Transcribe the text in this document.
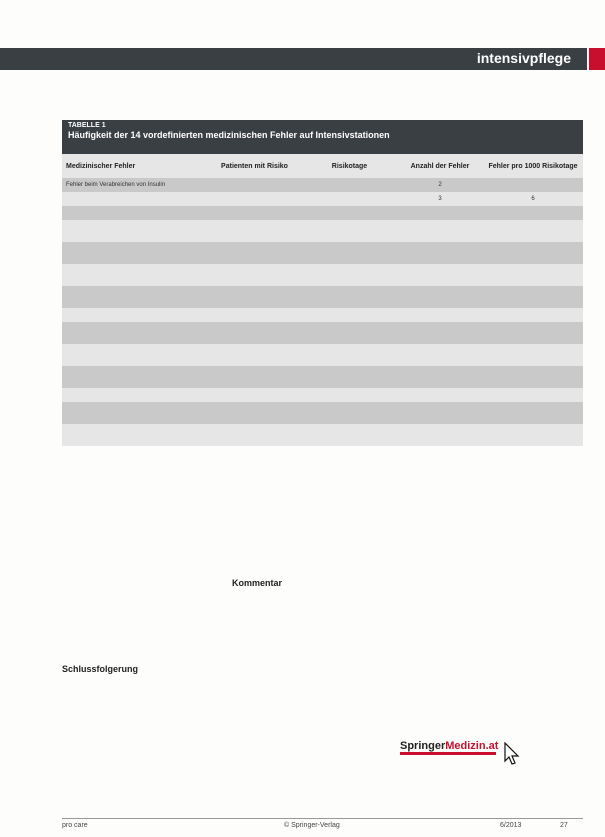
intensivpflege
TABELLE 1
Häufigkeit der 14 vordefinierten medizinischen Fehler auf Intensivstationen
Medizinischer Fehler	Patienten mit Risiko	Risikotage	Anzahl der Fehler	Fehler pro 1000 Risikotage
Fehler beim Verabreichen von Insulin			2	
			3	6

Schlussfolgerung
Kommentar
SpringerMedizin.at
pro care	© Springer-Verlag	6/2013	27
